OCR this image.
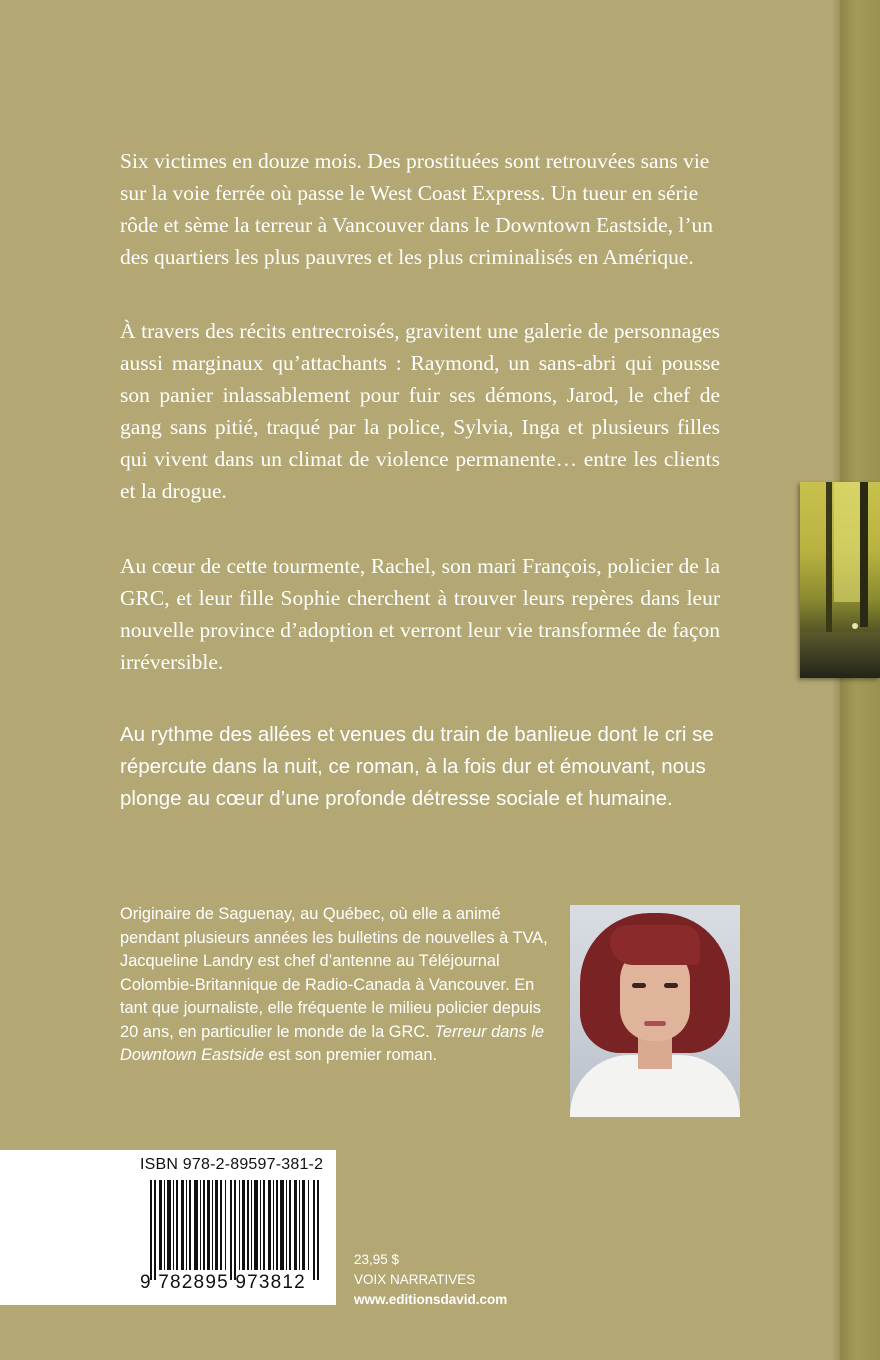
Six victimes en douze mois. Des prostituées sont retrouvées sans vie sur la voie ferrée où passe le West Coast Express. Un tueur en série rôde et sème la terreur à Vancouver dans le Downtown Eastside, l’un des quartiers les plus pauvres et les plus criminalisés en Amérique.

À travers des récits entrecroisés, gravitent une galerie de personnages aussi marginaux qu’attachants : Raymond, un sans-abri qui pousse son panier inlassablement pour fuir ses démons, Jarod, le chef de gang sans pitié, traqué par la police, Sylvia, Inga et plusieurs filles qui vivent dans un climat de violence permanente… entre les clients et la drogue.

Au cœur de cette tourmente, Rachel, son mari François, policier de la GRC, et leur fille Sophie cherchent à trouver leurs repères dans leur nouvelle province d’adoption et verront leur vie transformée de façon irréversible.

Au rythme des allées et venues du train de banlieue dont le cri se répercute dans la nuit, ce roman, à la fois dur et émouvant, nous plonge au cœur d’une profonde détresse sociale et humaine.

Originaire de Saguenay, au Québec, où elle a animé pendant plusieurs années les bulletins de nouvelles à TVA, Jacqueline Landry est chef d’antenne au Téléjournal Colombie-Britannique de Radio-Canada à Vancouver. En tant que journaliste, elle fréquente le milieu policier depuis 20 ans, en particulier le monde de la GRC. Terreur dans le Downtown Eastside est son premier roman.

ISBN 978-2-89597-381-2
9 782895 973812
23,95 $
VOIX NARRATIVES
www.editionsdavid.com
